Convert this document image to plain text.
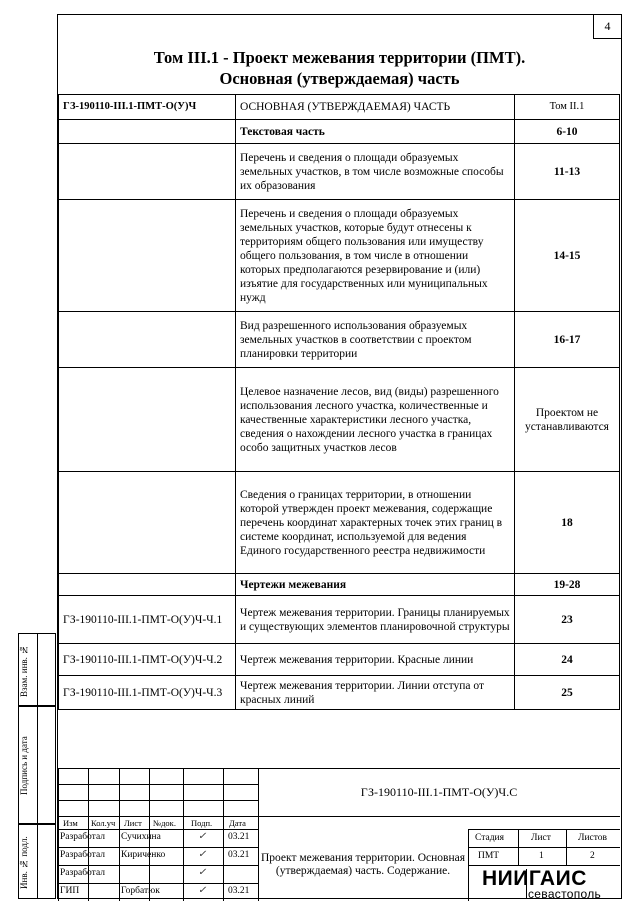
Взам. инв. №
Подпись и дата
Инв. № подл.
4
Том III.1 - Проект межевания территории (ПМТ).
Основная (утверждаемая) часть
ГЗ-190110-III.1-ПМТ-О(У)Ч	ОСНОВНАЯ (УТВЕРЖДАЕМАЯ) ЧАСТЬ	Том II.1
	Текстовая часть	6-10
	Перечень и сведения о площади образуемых земельных участков, в том числе возможные способы их образования	11-13
	Перечень и сведения о площади образуемых земельных участков, которые будут отнесены к территориям общего пользования или имуществу общего пользования, в том числе в отношении которых предполагаются резервирование и (или) изъятие для государственных или муниципальных нужд	14-15
	Вид разрешенного использования образуемых земельных участков в соответствии с проектом планировки территории	16-17
	Целевое назначение лесов, вид (виды) разрешенного использования лесного участка, количественные и качественные характеристики лесного участка, сведения о нахождении лесного участка в границах особо защитных участков лесов	Проектом не устанавливаются
	Сведения о границах территории, в отношении которой утвержден проект межевания, содержащие перечень координат характерных точек этих границ в системе координат, используемой для ведения Единого государственного реестра недвижимости	18
	Чертежи межевания	19-28
ГЗ-190110-III.1-ПМТ-О(У)Ч-Ч.1	Чертеж межевания территории. Границы планируемых и существующих элементов планировочной структуры	23
ГЗ-190110-III.1-ПМТ-О(У)Ч-Ч.2	Чертеж межевания территории. Красные линии	24
ГЗ-190110-III.1-ПМТ-О(У)Ч-Ч.3	Чертеж межевания территории. Линии отступа от красных линий	25
ГЗ-190110-III.1-ПМТ-О(У)Ч.С
Изм Кол.уч Лист №док. Подп. Дата
Разработал Сучихина	✓ 03.21
Разработал Кириченко	✓ 03.21
Разработал	✓
ГИП	Горбатюк	✓ 03.21
Проект межевания территории. Основная (утверждаемая) часть. Содержание.
Стадия	Лист	Листов
ПМТ	1	2
НИИГАИС
севастополь
